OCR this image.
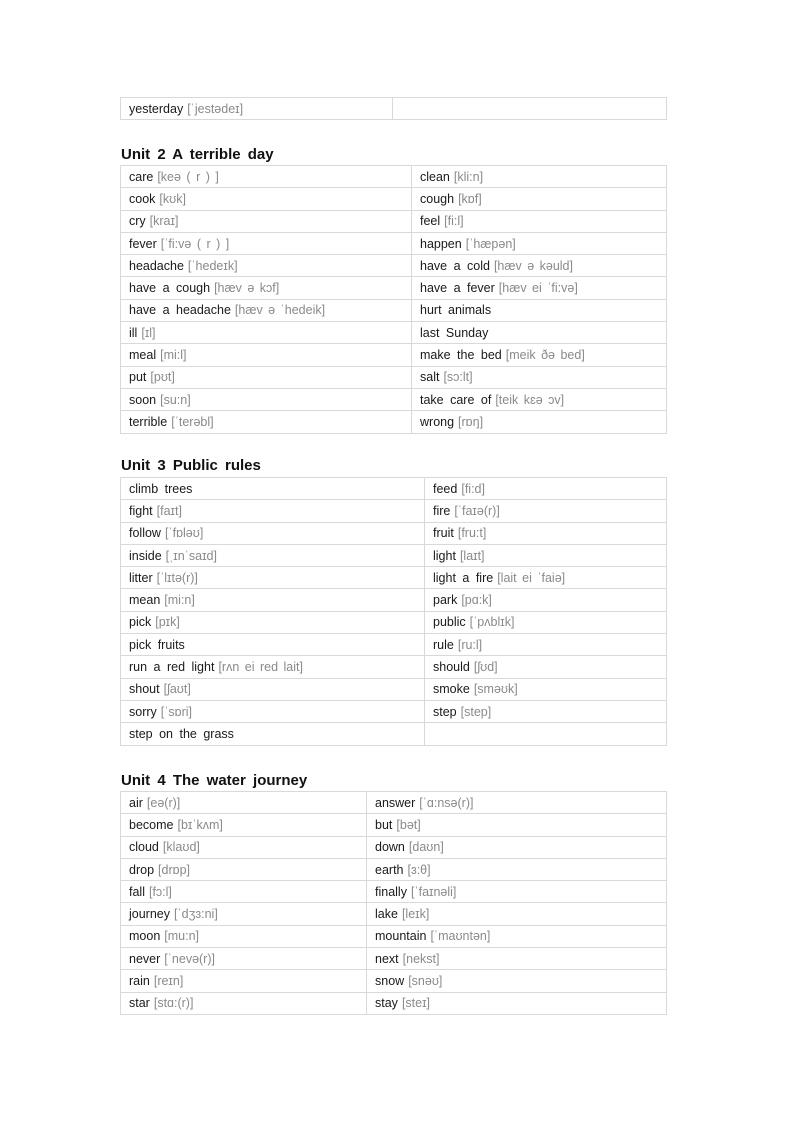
yesterday [ˈjestədeɪ]	
Unit 2 A terrible day
care [keə ( r ) ]	clean [kli:n]
cook [kʊk]	cough [kɒf]
cry [kraɪ]	feel [fi:l]
fever [ˈfi:və ( r ) ]	happen [ˈhæpən]
headache [ˈhedeɪk]	have a cold [hæv ə kəuld]
have a cough [hæv ə kɔf]	have a fever [hæv ei ˈfi:və]
have a headache [hæv ə ˈhedeik]	hurt animals
ill [ɪl]	last Sunday
meal [mi:l]	make the bed [meik ðə bed]
put [pʊt]	salt [sɔ:lt]
soon [su:n]	take care of [teik kɛə ɔv]
terrible [ˈterəbl]	wrong [rɒŋ]
Unit 3 Public rules
climb trees	feed [fi:d]
fight [faɪt]	fire [ˈfaɪə(r)]
follow [ˈfɒləʊ]	fruit [fru:t]
inside [ˌɪnˈsaɪd]	light [laɪt]
litter [ˈlɪtə(r)]	light a fire [lait ei ˈfaiə]
mean [mi:n]	park [pɑ:k]
pick [pɪk]	public [ˈpʌblɪk]
pick fruits	rule [ru:l]
run a red light [rʌn ei red lait]	should [ʃʊd]
shout [ʃaʊt]	smoke [sməʊk]
sorry [ˈsɒri]	step [step]
step on the grass	
Unit 4 The water journey
air [eə(r)]	answer [ˈɑ:nsə(r)]
become [bɪˈkʌm]	but [bət]
cloud [klaʊd]	down [daʊn]
drop [drɒp]	earth [ɜ:θ]
fall [fɔ:l]	finally [ˈfaɪnəli]
journey [ˈdʒɜ:ni]	lake [leɪk]
moon [mu:n]	mountain [ˈmaʊntən]
never [ˈnevə(r)]	next [nekst]
rain [reɪn]	snow [snəʊ]
star [stɑ:(r)]	stay [steɪ]
